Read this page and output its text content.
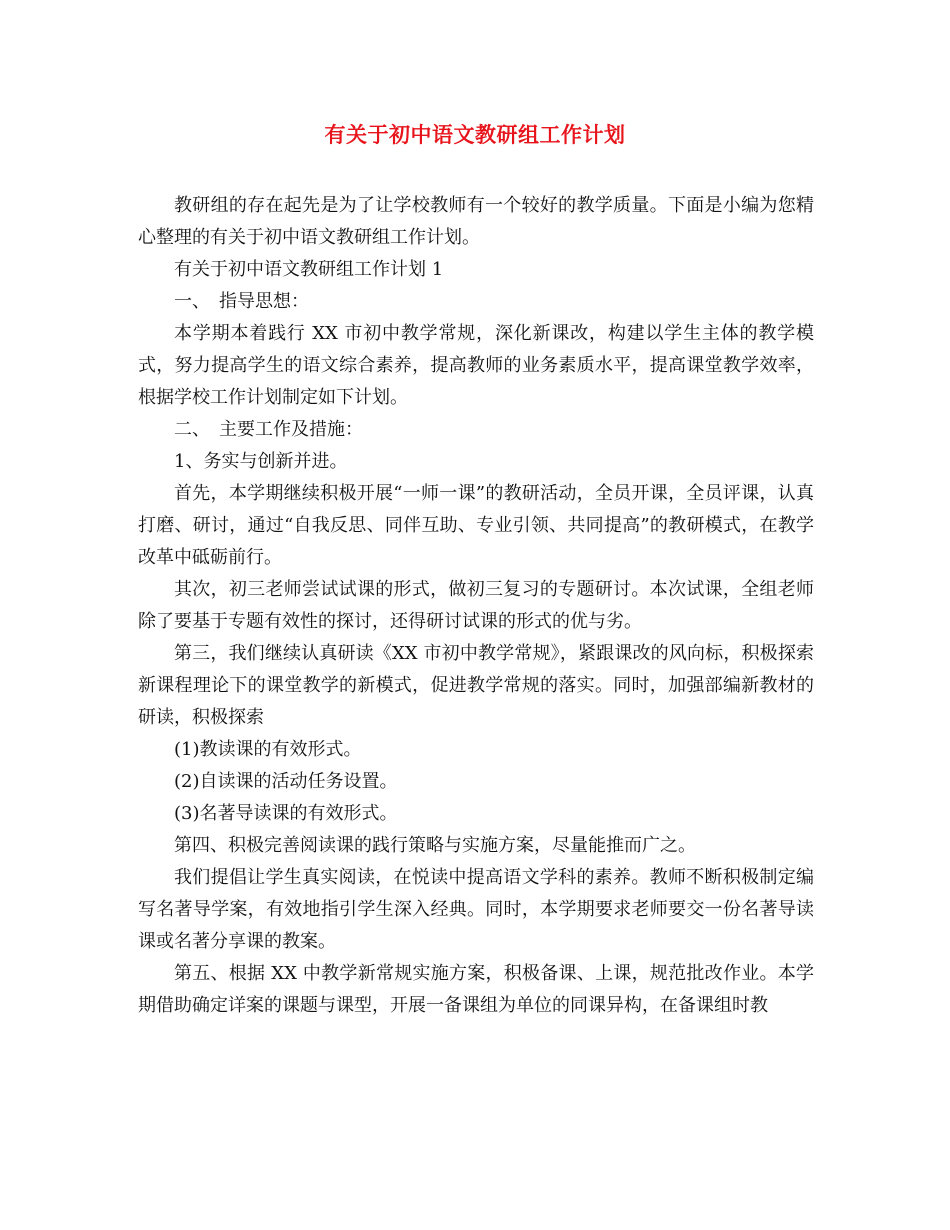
有关于初中语文教研组工作计划

教研组的存在起先是为了让学校教师有一个较好的教学质量。下面是小编为您精心整理的有关于初中语文教研组工作计划。

有关于初中语文教研组工作计划 1

一、　指导思想：

本学期本着践行 XX 市初中教学常规，深化新课改，构建以学生主体的教学模式，努力提高学生的语文综合素养，提高教师的业务素质水平，提高课堂教学效率，根据学校工作计划制定如下计划。

二、　主要工作及措施：

1、务实与创新并进。

首先，本学期继续积极开展“一师一课”的教研活动，全员开课，全员评课，认真打磨、研讨，通过“自我反思、同伴互助、专业引领、共同提高”的教研模式，在教学改革中砥砺前行。

其次，初三老师尝试试课的形式，做初三复习的专题研讨。本次试课，全组老师除了要基于专题有效性的探讨，还得研讨试课的形式的优与劣。

第三，我们继续认真研读《XX 市初中教学常规》，紧跟课改的风向标，积极探索新课程理论下的课堂教学的新模式，促进教学常规的落实。同时，加强部编新教材的研读，积极探索

(1)教读课的有效形式。

(2)自读课的活动任务设置。

(3)名著导读课的有效形式。

第四、积极完善阅读课的践行策略与实施方案，尽量能推而广之。

我们提倡让学生真实阅读，在悦读中提高语文学科的素养。教师不断积极制定编写名著导学案，有效地指引学生深入经典。同时，本学期要求老师要交一份名著导读课或名著分享课的教案。

第五、根据 XX 中教学新常规实施方案，积极备课、上课，规范批改作业。本学期借助确定详案的课题与课型，开展一备课组为单位的同课异构，在备课组时教
